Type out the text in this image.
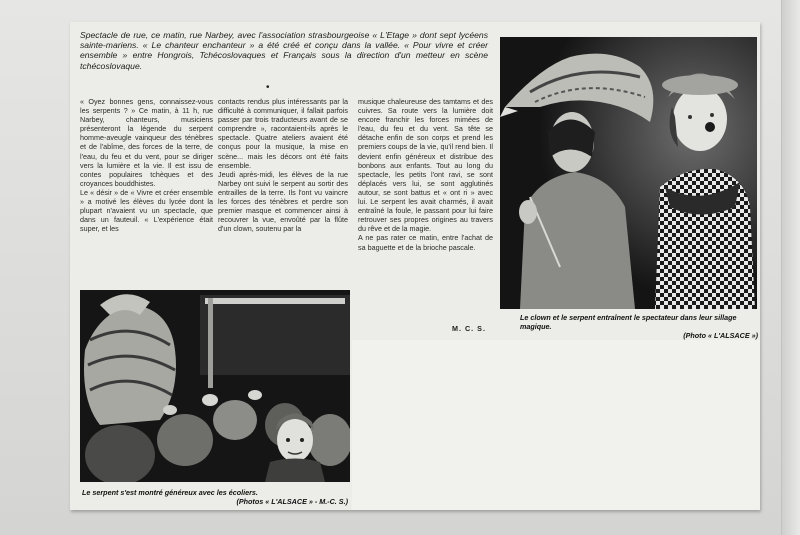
Spectacle de rue, ce matin, rue Narbey, avec l'association strasbourgeoise « L'Etage » dont sept lycéens sainte-mariens. « Le chanteur enchanteur » a été créé et conçu dans la vallée. « Pour vivre et créer ensemble » entre Hongrois, Tchécoslovaques et Français sous la direction d'un metteur en scène tchécoslovaque.
•

« Oyez bonnes gens, connaissez-vous les serpents ? » Ce matin, à 11 h, rue Narbey, chanteurs, musiciens présenteront la légende du serpent homme-aveugle vainqueur des ténèbres et de l'abîme, des forces de la terre, de l'eau, du feu et du vent, pour se diriger vers la lumière et la vie. Il est issu de contes populaires tchèques et des croyances bouddhistes.

Le « désir » de « Vivre et créer ensemble » a motivé les élèves du lycée dont la plupart n'avaient vu un spectacle, que dans un fauteuil. « L'expérience était super, et les

contacts rendus plus intéressants par la difficulté à communiquer, il fallait parfois passer par trois traducteurs avant de se comprendre », racontaient-ils après le spectacle. Quatre ateliers avaient été conçus pour la musique, la mise en scène... mais les décors ont été faits ensemble.

Jeudi après-midi, les élèves de la rue Narbey ont suivi le serpent au sortir des entrailles de la terre. Ils l'ont vu vaincre les forces des ténèbres et perdre son premier masque et commencer ainsi à recouvrer la vue, envoûté par la flûte d'un clown, soutenu par la

musique chaleureuse des tamtams et des cuivres. Sa route vers la lumière doit encore franchir les forces mimées de l'eau, du feu et du vent. Sa tête se détache enfin de son corps et prend les premiers coups de la vie, qu'il rend bien. Il devient enfin généreux et distribue des bonbons aux enfants. Tout au long du spectacle, les petits l'ont ravi, se sont déplacés vers lui, se sont agglutinés autour, se sont battus et « ont ri » avec lui. Le serpent les avait charmés, il avait entraîné la foule, le passant pour lui faire retrouver ses propres origines au travers du rêve et de la magie.

A ne pas rater ce matin, entre l'achat de sa baguette et de la brioche pascale.

M. C. S.
Le clown et le serpent entraînent le spectateur dans leur sillage magique.
(Photo « L'ALSACE »)
Le serpent s'est montré généreux avec les écoliers.
(Photos « L'ALSACE » - M.-C. S.)
